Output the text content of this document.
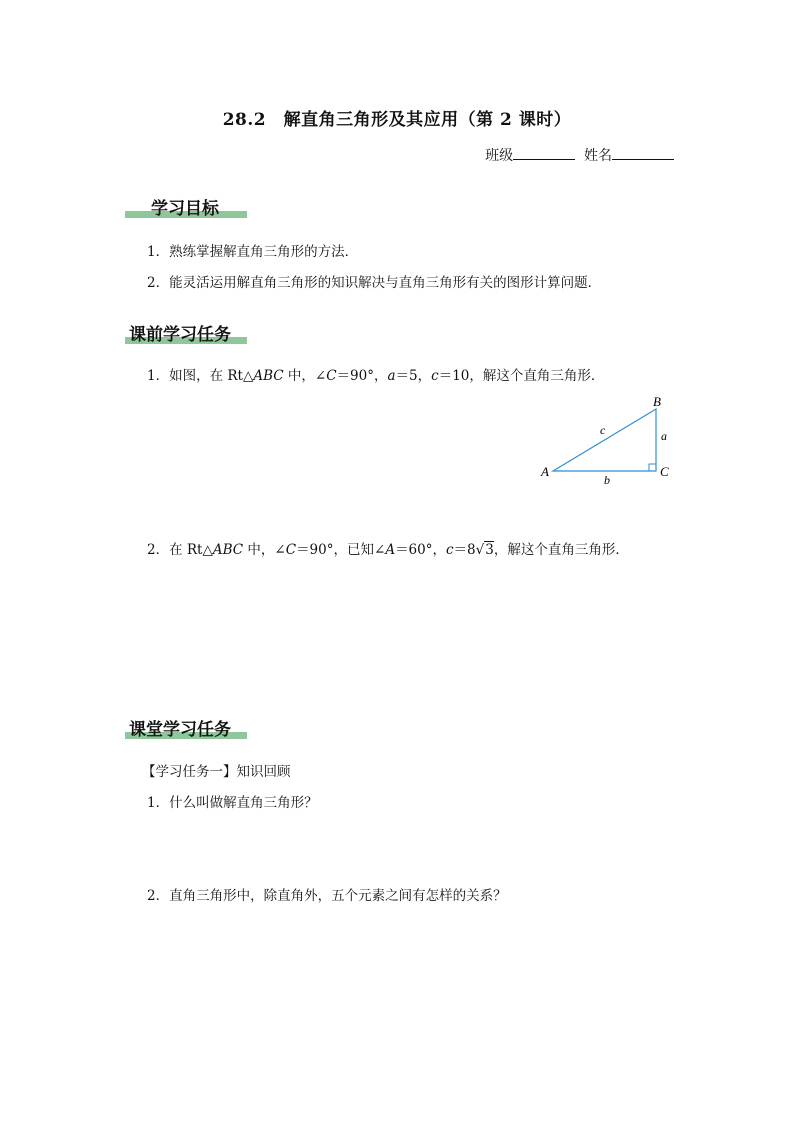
28.2　解直角三角形及其应用（第 2 课时）
班级	姓名
学习目标
1．熟练掌握解直角三角形的方法．
2．能灵活运用解直角三角形的知识解决与直角三角形有关的图形计算问题．
课前学习任务
1．如图，在 Rt△ABC 中，∠C＝90°，a＝5，c＝10，解这个直角三角形．
A
B
C
a
b
c
2．在 Rt△ABC 中，∠C＝90°，已知∠A＝60°，c＝8√3，解这个直角三角形．
课堂学习任务
【学习任务一】知识回顾
1．什么叫做解直角三角形？
2．直角三角形中，除直角外，五个元素之间有怎样的关系？
